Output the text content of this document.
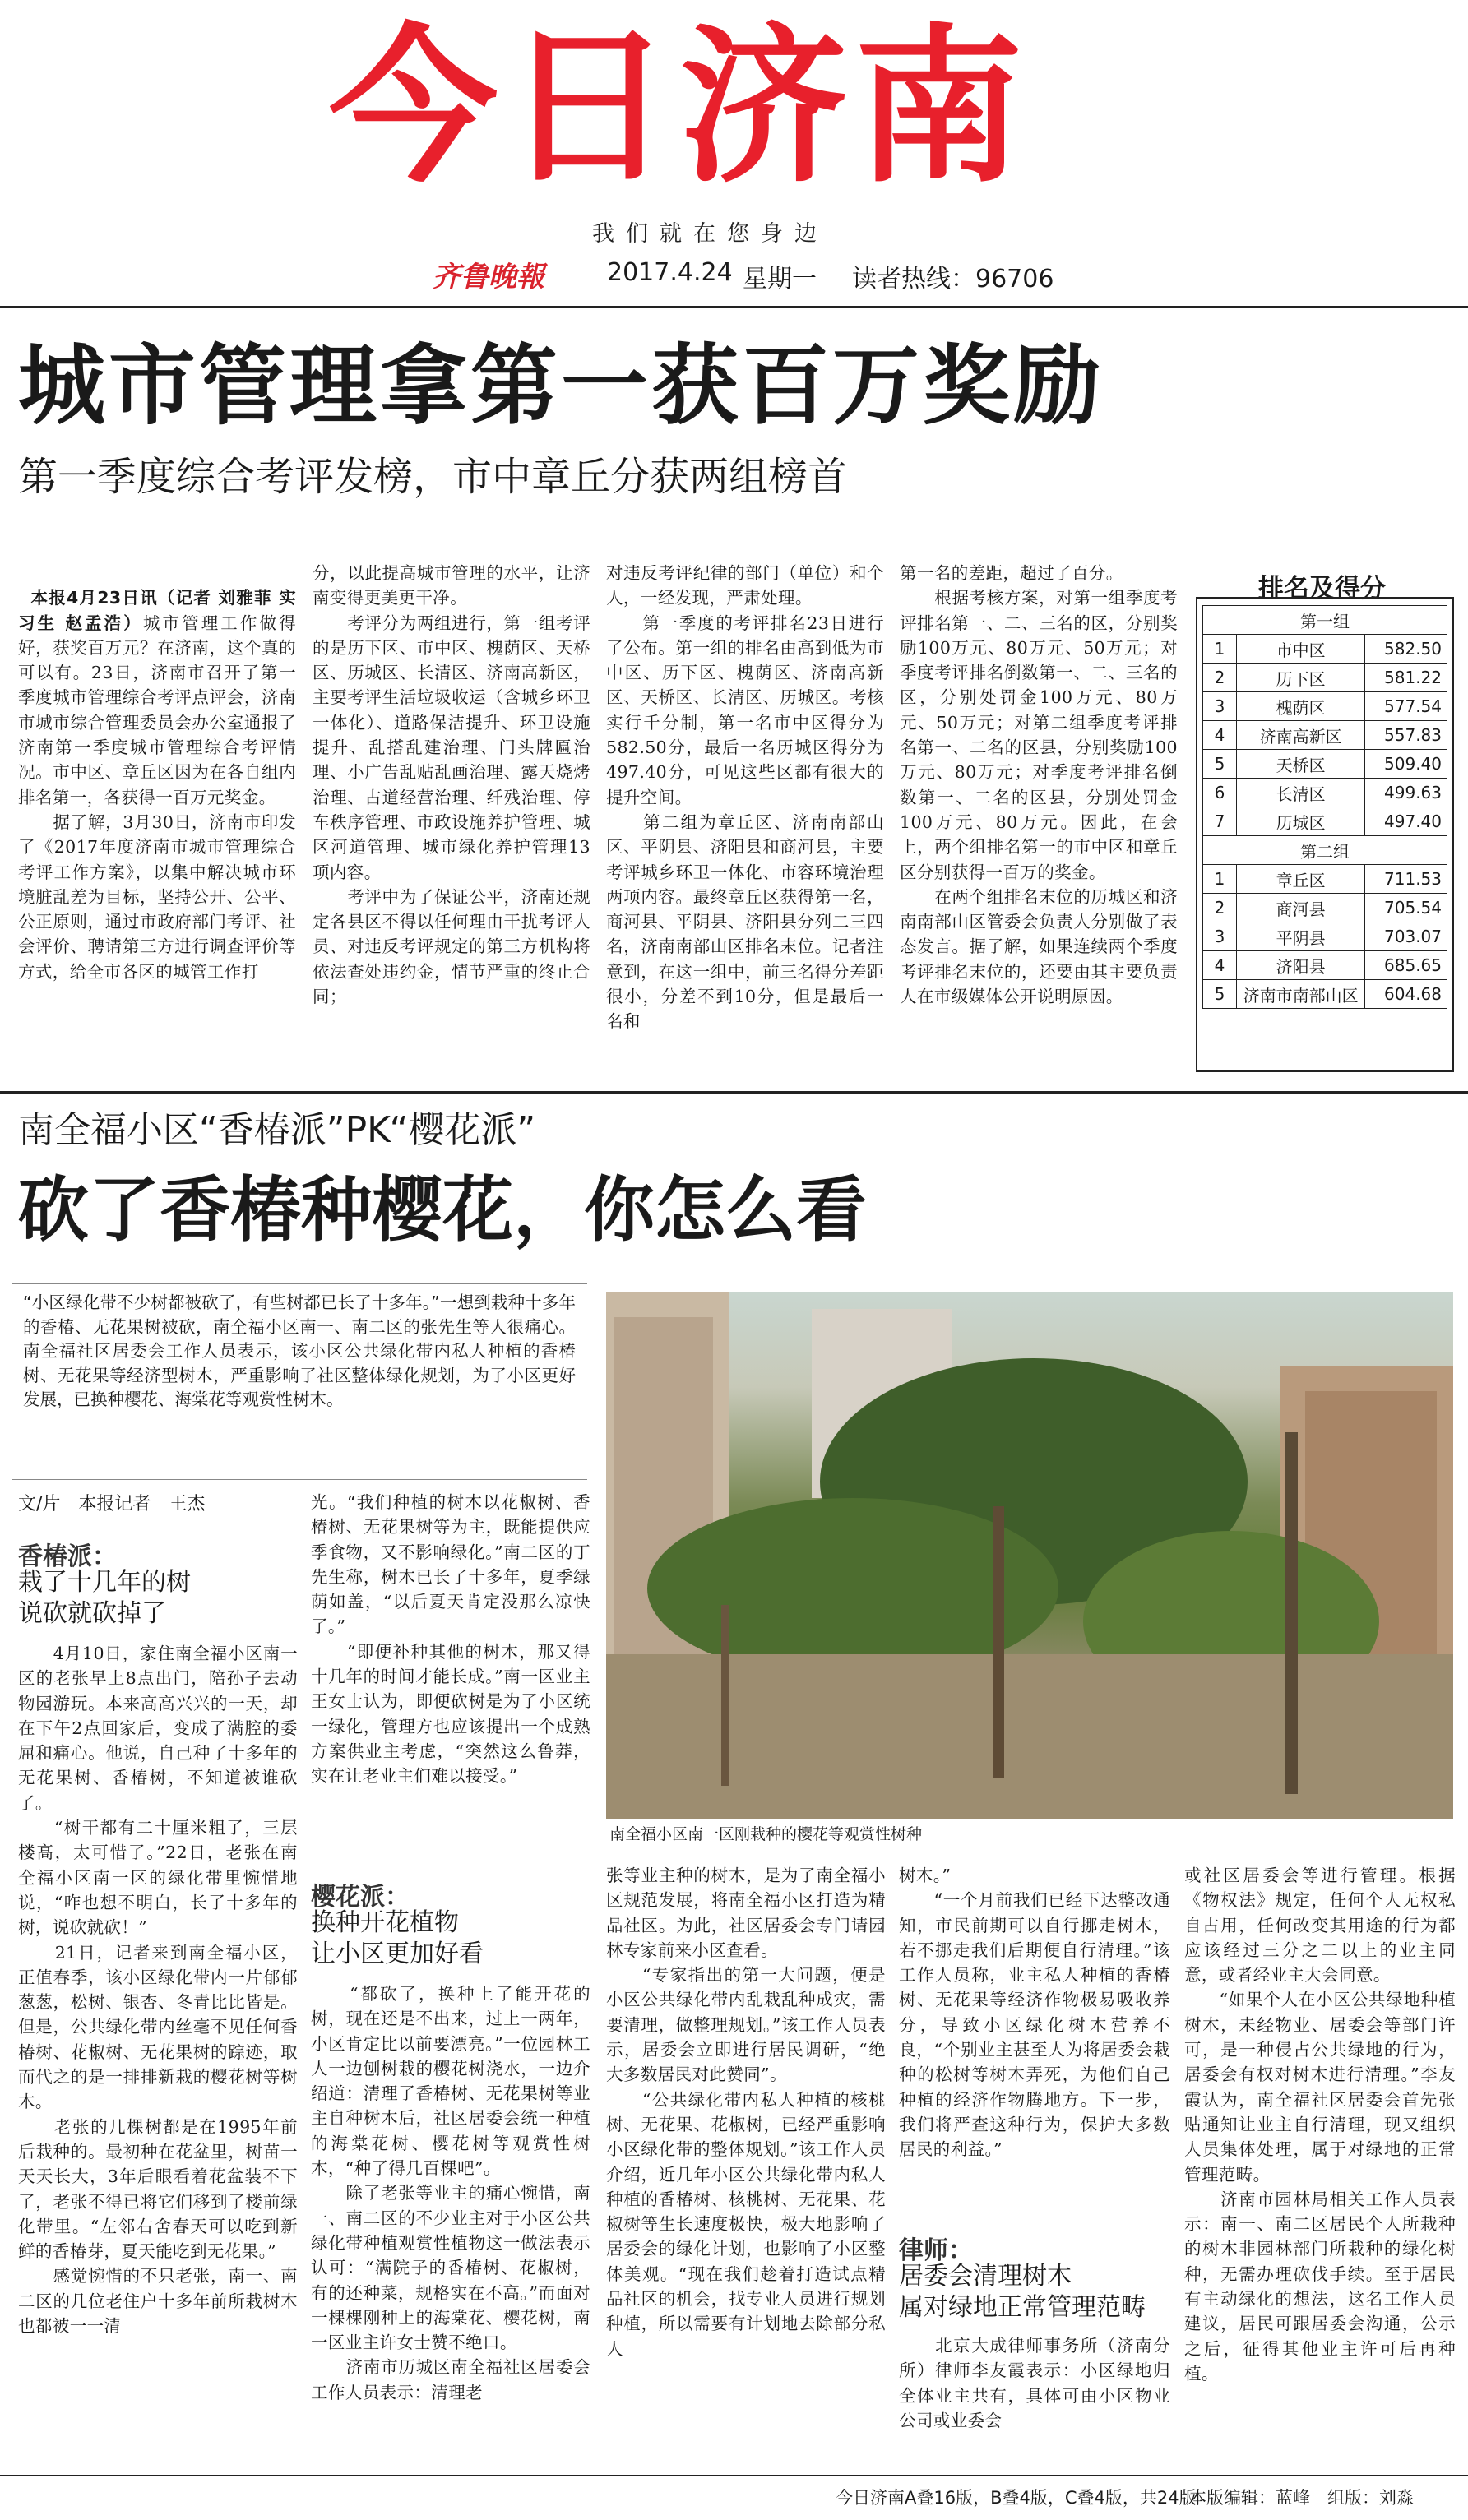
今日济南
我们就在您身边
齐鲁晚報	2017.4.24 星期一 读者热线：96706
城市管理拿第一获百万奖励
第一季度综合考评发榜，市中章丘分获两组榜首

本报4月23日讯（记者 刘雅菲 实习生 赵孟浩）城市管理工作做得好，获奖百万元？在济南，这个真的可以有。23日，济南市召开了第一季度城市管理综合考评点评会，济南市城市综合管理委员会办公室通报了济南第一季度城市管理综合考评情况。市中区、章丘区因为在各自组内排名第一，各获得一百万元奖金。
　　据了解，3月30日，济南市印发了《2017年度济南市城市管理综合考评工作方案》，以集中解决城市环境脏乱差为目标，坚持公开、公平、公正原则，通过市政府部门考评、社会评价、聘请第三方进行调查评价等方式，给全市各区的城管工作打

分，以此提高城市管理的水平，让济南变得更美更干净。
　　考评分为两组进行，第一组考评的是历下区、市中区、槐荫区、天桥区、历城区、长清区、济南高新区，主要考评生活垃圾收运（含城乡环卫一体化）、道路保洁提升、环卫设施提升、乱搭乱建治理、门头牌匾治理、小广告乱贴乱画治理、露天烧烤治理、占道经营治理、纤残治理、停车秩序管理、市政设施养护管理、城区河道管理、城市绿化养护管理13项内容。
　　考评中为了保证公平，济南还规定各县区不得以任何理由干扰考评人员、对违反考评规定的第三方机构将依法查处违约金，情节严重的终止合同；
对违反考评纪律的部门（单位）和个人，一经发现，严肃处理。
　　第一季度的考评排名23日进行了公布。第一组的排名由高到低为市中区、历下区、槐荫区、济南高新区、天桥区、长清区、历城区。考核实行千分制，第一名市中区得分为582.50分，最后一名历城区得分为497.40分，可见这些区都有很大的提升空间。
　　第二组为章丘区、济南南部山区、平阴县、济阳县和商河县，主要考评城乡环卫一体化、市容环境治理两项内容。最终章丘区获得第一名，商河县、平阴县、济阳县分列二三四名，济南南部山区排名末位。记者注意到，在这一组中，前三名得分差距很小，分差不到10分，但是最后一名和
第一名的差距，超过了百分。
　　根据考核方案，对第一组季度考评排名第一、二、三名的区，分别奖励100万元、80万元、50万元；对季度考评排名倒数第一、二、三名的区，分别处罚金100万元、80万元、50万元；对第二组季度考评排名第一、二名的区县，分别奖励100万元、80万元；对季度考评排名倒数第一、二名的区县，分别处罚金100万元、80万元。因此，在会上，两个组排名第一的市中区和章丘区分别获得一百万的奖金。
　　在两个组排名末位的历城区和济南南部山区管委会负责人分别做了表态发言。据了解，如果连续两个季度考评排名末位的，还要由其主要负责人在市级媒体公开说明原因。
排名及得分
第一组		
1	市中区	582.50
2	历下区	581.22
3	槐荫区	577.54
4	济南高新区	557.83
5	天桥区	509.40
6	长清区	499.63
7	历城区	497.40
第二组		
1	章丘区	711.53
2	商河县	705.54
3	平阴县	703.07
4	济阳县	685.65
5	济南市南部山区	604.68
南全福小区“香椿派”PK“樱花派”
砍了香椿种樱花，你怎么看
“小区绿化带不少树都被砍了，有些树都已长了十多年。”一想到栽种十多年的香椿、无花果树被砍，南全福小区南一、南二区的张先生等人很痛心。南全福社区居委会工作人员表示，该小区公共绿化带内私人种植的香椿树、无花果等经济型树木，严重影响了社区整体绿化规划，为了小区更好发展，已换种樱花、海棠花等观赏性树木。
文/片　本报记者　王杰
香椿派：
栽了十几年的树
说砍就砍掉了
　　4月10日，家住南全福小区南一区的老张早上8点出门，陪孙子去动物园游玩。本来高高兴兴的一天，却在下午2点回家后，变成了满腔的委屈和痛心。他说，自己种了十多年的无花果树、香椿树，不知道被谁砍了。
　　“树干都有二十厘米粗了，三层楼高，太可惜了。”22日，老张在南全福小区南一区的绿化带里惋惜地说，“咋也想不明白，长了十多年的树，说砍就砍！”
　　21日，记者来到南全福小区，正值春季，该小区绿化带内一片郁郁葱葱，松树、银杏、冬青比比皆是。但是，公共绿化带内丝毫不见任何香椿树、花椒树、无花果树的踪迹，取而代之的是一排排新栽的樱花树等树木。
　　老张的几棵树都是在1995年前后栽种的。最初种在花盆里，树苗一天天长大，3年后眼看着花盆装不下了，老张不得已将它们移到了楼前绿化带里。“左邻右舍春天可以吃到新鲜的香椿芽，夏天能吃到无花果。”
　　感觉惋惜的不只老张，南一、南二区的几位老住户十多年前所栽树木也都被一一清
光。“我们种植的树木以花椒树、香椿树、无花果树等为主，既能提供应季食物，又不影响绿化。”南二区的丁先生称，树木已长了十多年，夏季绿荫如盖，“以后夏天肯定没那么凉快了。”
　　“即便补种其他的树木，那又得十几年的时间才能长成。”南一区业主王女士认为，即便砍树是为了小区统一绿化，管理方也应该提出一个成熟方案供业主考虑，“突然这么鲁莽，实在让老业主们难以接受。”
樱花派：
换种开花植物
让小区更加好看
　　“都砍了，换种上了能开花的树，现在还是不出来，过上一两年，小区肯定比以前要漂亮。”一位园林工人一边刨树栽的樱花树浇水，一边介绍道：清理了香椿树、无花果树等业主自种树木后，社区居委会统一种植的海棠花树、樱花树等观赏性树木，“种了得几百棵吧”。
　　除了老张等业主的痛心惋惜，南一、南二区的不少业主对于小区公共绿化带种植观赏性植物这一做法表示认可：“满院子的香椿树、花椒树，有的还种菜，规格实在不高。”而面对一棵棵刚种上的海棠花、樱花树，南一区业主许女士赞不绝口。
　　济南市历城区南全福社区居委会工作人员表示：清理老
南全福小区南一区刚栽种的樱花等观赏性树种
张等业主种的树木，是为了南全福小区规范发展，将南全福小区打造为精品社区。为此，社区居委会专门请园林专家前来小区查看。
　　“专家指出的第一大问题，便是小区公共绿化带内乱栽乱种成灾，需要清理，做整理规划。”该工作人员表示，居委会立即进行居民调研，“绝大多数居民对此赞同”。
　　“公共绿化带内私人种植的核桃树、无花果、花椒树，已经严重影响小区绿化带的整体规划。”该工作人员介绍，近几年小区公共绿化带内私人种植的香椿树、核桃树、无花果、花椒树等生长速度极快，极大地影响了居委会的绿化计划，也影响了小区整体美观。“现在我们趁着打造试点精品社区的机会，找专业人员进行规划种植，所以需要有计划地去除部分私人
树木。”
　　“一个月前我们已经下达整改通知，市民前期可以自行挪走树木，若不挪走我们后期便自行清理。”该工作人员称，业主私人种植的香椿树、无花果等经济作物极易吸收养分，导致小区绿化树木营养不良，“个别业主甚至人为将居委会栽种的松树等树木弄死，为他们自己种植的经济作物腾地方。下一步，我们将严查这种行为，保护大多数居民的利益。”
律师：
居委会清理树木
属对绿地正常管理范畴
　　北京大成律师事务所（济南分所）律师李友霞表示：小区绿地归全体业主共有，具体可由小区物业公司或业委会
或社区居委会等进行管理。根据《物权法》规定，任何个人无权私自占用，任何改变其用途的行为都应该经过三分之二以上的业主同意，或者经业主大会同意。
　　“如果个人在小区公共绿地种植树木，未经物业、居委会等部门许可，是一种侵占公共绿地的行为，居委会有权对树木进行清理。”李友霞认为，南全福社区居委会首先张贴通知让业主自行清理，现又组织人员集体处理，属于对绿地的正常管理范畴。
　　济南市园林局相关工作人员表示：南一、南二区居民个人所栽种的树木非园林部门所栽种的绿化树种，无需办理砍伐手续。至于居民有主动绿化的想法，这名工作人员建议，居民可跟居委会沟通，公示之后，征得其他业主许可后再种植。
今日济南A叠16版，B叠4版，C叠4版，共24版
本版编辑：蓝峰　组版：刘淼
